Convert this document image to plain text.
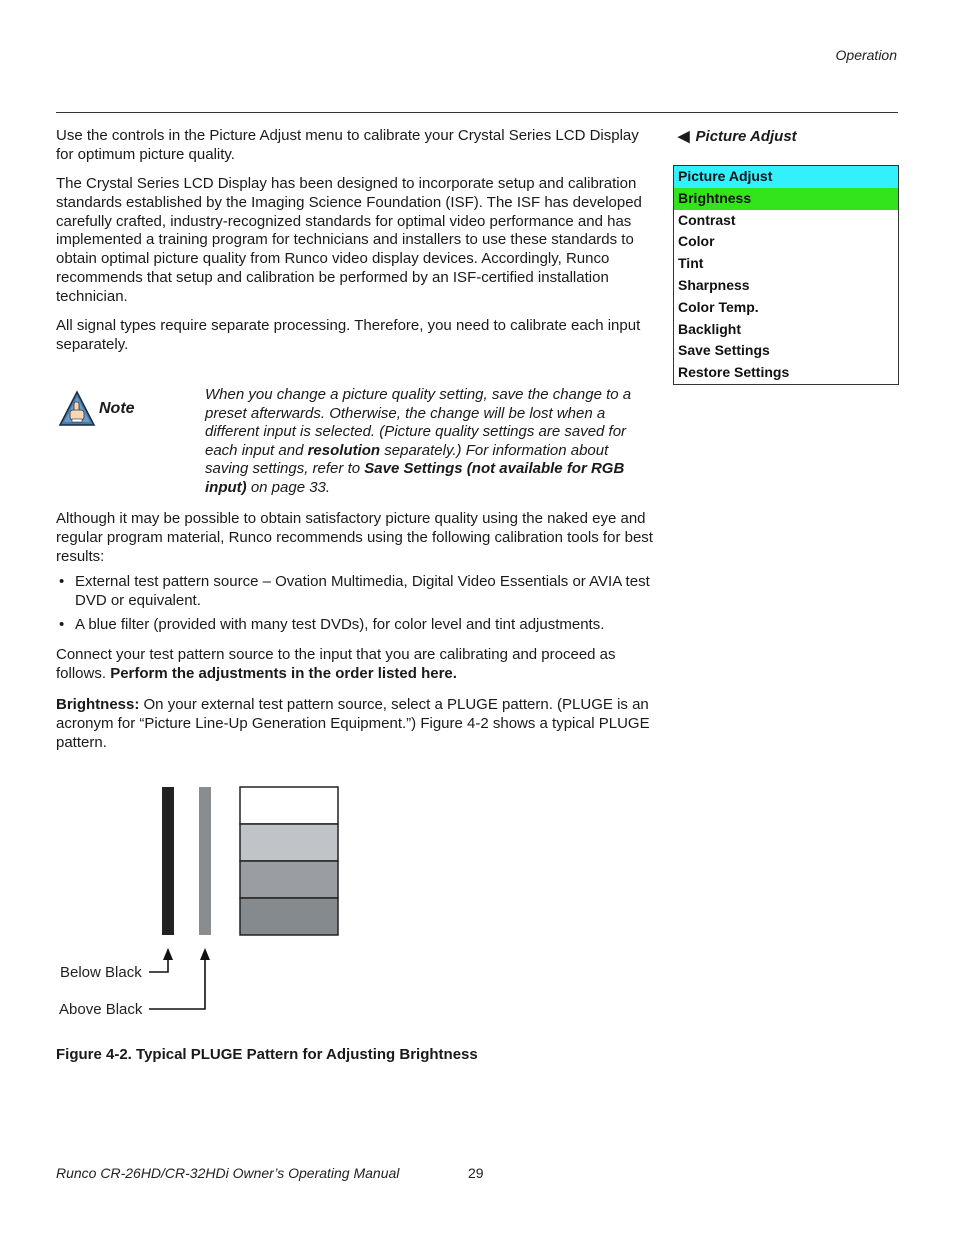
Operation

Use the controls in the Picture Adjust menu to calibrate your Crystal Series LCD Display for optimum picture quality.

The Crystal Series LCD Display has been designed to incorporate setup and calibration standards established by the Imaging Science Foundation (ISF). The ISF has developed carefully crafted, industry-recognized standards for optimal video performance and has implemented a training program for technicians and installers to use these standards to obtain optimal picture quality from Runco video display devices. Accordingly, Runco recommends that setup and calibration be performed by an ISF-certified installation technician.

All signal types require separate processing. Therefore, you need to calibrate each input separately.

Note

When you change a picture quality setting, save the change to a preset afterwards. Otherwise, the change will be lost when a different input is selected. (Picture quality settings are saved for each input and resolution separately.) For information about saving settings, refer to Save Settings (not available for RGB input) on page 33.

Although it may be possible to obtain satisfactory picture quality using the naked eye and regular program material, Runco recommends using the following calibration tools for best results:

• External test pattern source – Ovation Multimedia, Digital Video Essentials or AVIA test DVD or equivalent.
• A blue filter (provided with many test DVDs), for color level and tint adjustments.

Connect your test pattern source to the input that you are calibrating and proceed as follows. Perform the adjustments in the order listed here.

Brightness: On your external test pattern source, select a PLUGE pattern. (PLUGE is an acronym for “Picture Line-Up Generation Equipment.”) Figure 4-2 shows a typical PLUGE pattern.

Below Black
Above Black
Figure 4-2. Typical PLUGE Pattern for Adjusting Brightness
◀ Picture Adjust
Picture Adjust
Brightness
Contrast
Color
Tint
Sharpness
Color Temp.
Backlight
Save Settings
Restore Settings
Runco CR-26HD/CR-32HDi Owner’s Operating Manual	29
